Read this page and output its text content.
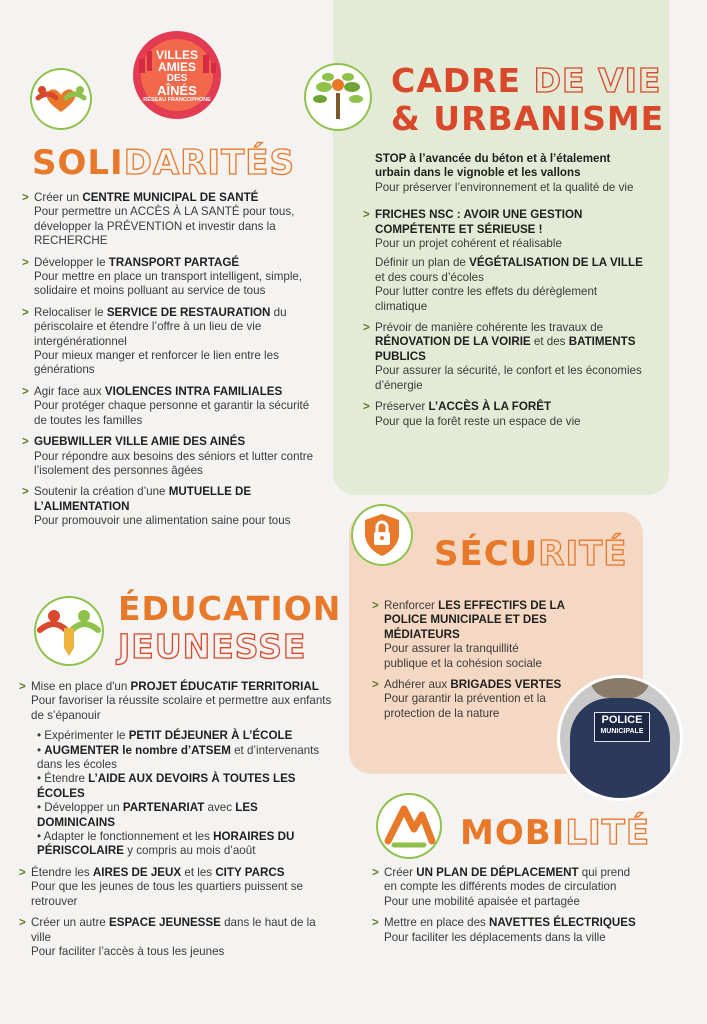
VILLES
AMIES
DES
AÎNÉS
RÉSEAU FRANCOPHONE
SOLIDARITÉS
> Créer un CENTRE MUNICIPAL DE SANTÉ
Pour permettre un ACCÈS À LA SANTÉ pour tous, développer la PRÉVENTION et investir dans la RECHERCHE
> Développer le TRANSPORT PARTAGÉ
Pour mettre en place un transport intelligent, simple, solidaire et moins polluant au service de tous
> Relocaliser le SERVICE DE RESTAURATION du périscolaire et étendre l’offre à un lieu de vie intergénérationnel
Pour mieux manger et renforcer le lien entre les générations
> Agir face aux VIOLENCES INTRA FAMILIALES
Pour protéger chaque personne et garantir la sécurité de toutes les familles
> GUEBWILLER VILLE AMIE DES AINÉS
Pour répondre aux besoins des séniors et lutter contre l’isolement des personnes âgées
> Soutenir la création d’une MUTUELLE DE L’ALIMENTATION
Pour promouvoir une alimentation saine pour tous
CADRE DE VIE
& URBANISME
STOP à l’avancée du béton et à l’étalement urbain dans le vignoble et les vallons
Pour préserver l’environnement et la qualité de vie
> FRICHES NSC : AVOIR UNE GESTION COMPÉTENTE ET SÉRIEUSE !
Pour un projet cohérent et réalisable
Définir un plan de VÉGÉTALISATION DE LA VILLE et des cours d’écoles
Pour lutter contre les effets du dérèglement climatique
> Prévoir de manière cohérente les travaux de RÉNOVATION DE LA VOIRIE et des BATIMENTS PUBLICS
Pour assurer la sécurité, le confort et les économies d’énergie
> Préserver L’ACCÈS À LA FORÊT
Pour que la forêt reste un espace de vie
SÉCURITÉ
> Renforcer LES EFFECTIFS DE LA POLICE MUNICIPALE ET DES MÉDIATEURS
Pour assurer la tranquillité publique et la cohésion sociale
> Adhérer aux BRIGADES VERTES
Pour garantir la prévention et la protection de la nature
POLICE
MUNICIPALE
ÉDUCATION
JEUNESSE
> Mise en place d'un PROJET ÉDUCATIF TERRITORIAL
Pour favoriser la réussite scolaire et permettre aux enfants de s’épanouir
• Expérimenter le PETIT DÉJEUNER À L’ÉCOLE
• AUGMENTER le nombre d’ATSEM et d’intervenants dans les écoles
• Étendre L’AIDE AUX DEVOIRS À TOUTES LES ÉCOLES
• Développer un PARTENARIAT avec LES DOMINICAINS
• Adapter le fonctionnement et les HORAIRES DU PÉRISCOLAIRE y compris au mois d’août
> Étendre les AIRES DE JEUX et les CITY PARCS
Pour que les jeunes de tous les quartiers puissent se retrouver
> Créer un autre ESPACE JEUNESSE dans le haut de la ville
Pour faciliter l’accès à tous les jeunes
MOBILITÉ
> Créer UN PLAN DE DÉPLACEMENT qui prend en compte les différents modes de circulation
Pour une mobilité apaisée et partagée
> Mettre en place des NAVETTES ÉLECTRIQUES
Pour faciliter les déplacements dans la ville
